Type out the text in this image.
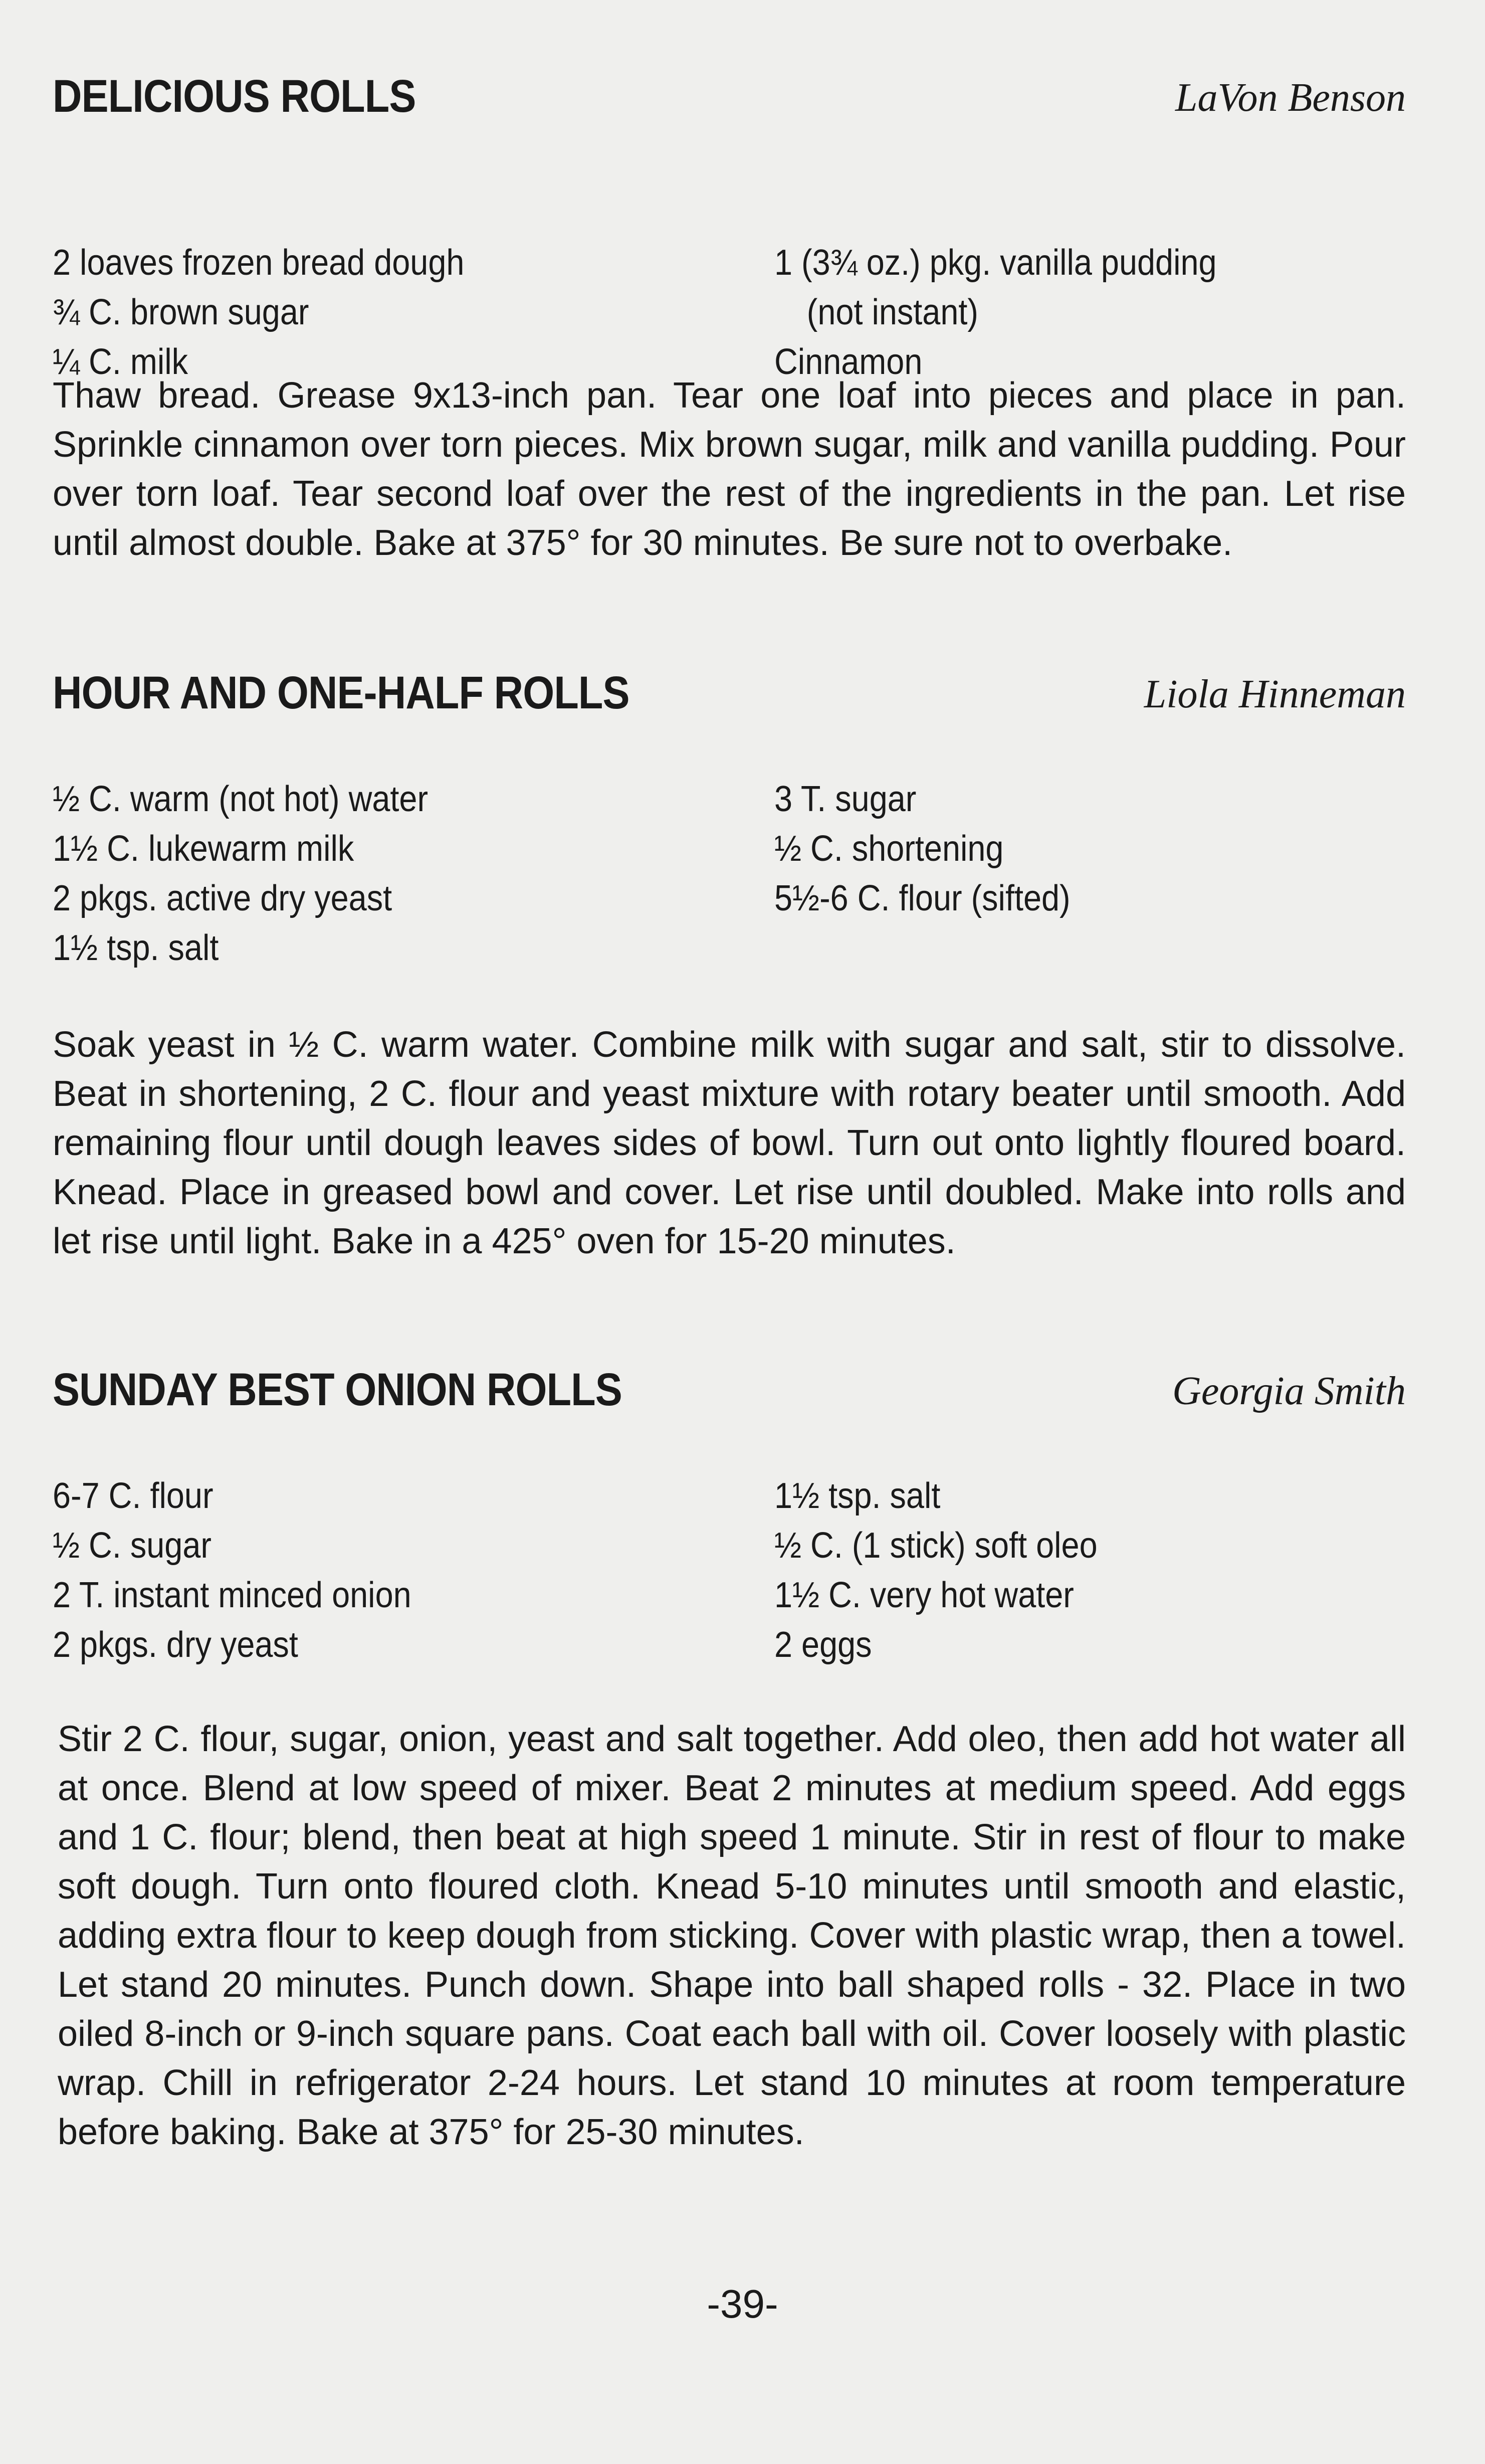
DELICIOUS ROLLS	LaVon Benson
2 loaves frozen bread dough
¾ C. brown sugar
¼ C. milk
1 (3¾ oz.) pkg. vanilla pudding
(not instant)
Cinnamon
Thaw bread. Grease 9x13-inch pan. Tear one loaf into pieces and place in pan. Sprinkle cinnamon over torn pieces. Mix brown sugar, milk and vanilla pudding. Pour over torn loaf. Tear second loaf over the rest of the ingredients in the pan. Let rise until almost double. Bake at 375° for 30 minutes. Be sure not to overbake.
HOUR AND ONE-HALF ROLLS	Liola Hinneman
½ C. warm (not hot) water
1½ C. lukewarm milk
2 pkgs. active dry yeast
1½ tsp. salt
3 T. sugar
½ C. shortening
5½-6 C. flour (sifted)
Soak yeast in ½ C. warm water. Combine milk with sugar and salt, stir to dissolve. Beat in shortening, 2 C. flour and yeast mixture with rotary beater until smooth. Add remaining flour until dough leaves sides of bowl. Turn out onto lightly floured board. Knead. Place in greased bowl and cover. Let rise until doubled. Make into rolls and let rise until light. Bake in a 425° oven for 15-20 minutes.
SUNDAY BEST ONION ROLLS	Georgia Smith
6-7 C. flour
½ C. sugar
2 T. instant minced onion
2 pkgs. dry yeast
1½ tsp. salt
½ C. (1 stick) soft oleo
1½ C. very hot water
2 eggs
Stir 2 C. flour, sugar, onion, yeast and salt together. Add oleo, then add hot water all at once. Blend at low speed of mixer. Beat 2 minutes at medium speed. Add eggs and 1 C. flour; blend, then beat at high speed 1 minute. Stir in rest of flour to make soft dough. Turn onto floured cloth. Knead 5-10 minutes until smooth and elastic, adding extra flour to keep dough from sticking. Cover with plastic wrap, then a towel. Let stand 20 minutes. Punch down. Shape into ball shaped rolls - 32. Place in two oiled 8-inch or 9-inch square pans. Coat each ball with oil. Cover loosely with plastic wrap. Chill in refrigerator 2-24 hours. Let stand 10 minutes at room temperature before baking. Bake at 375° for 25-30 minutes.
-39-
